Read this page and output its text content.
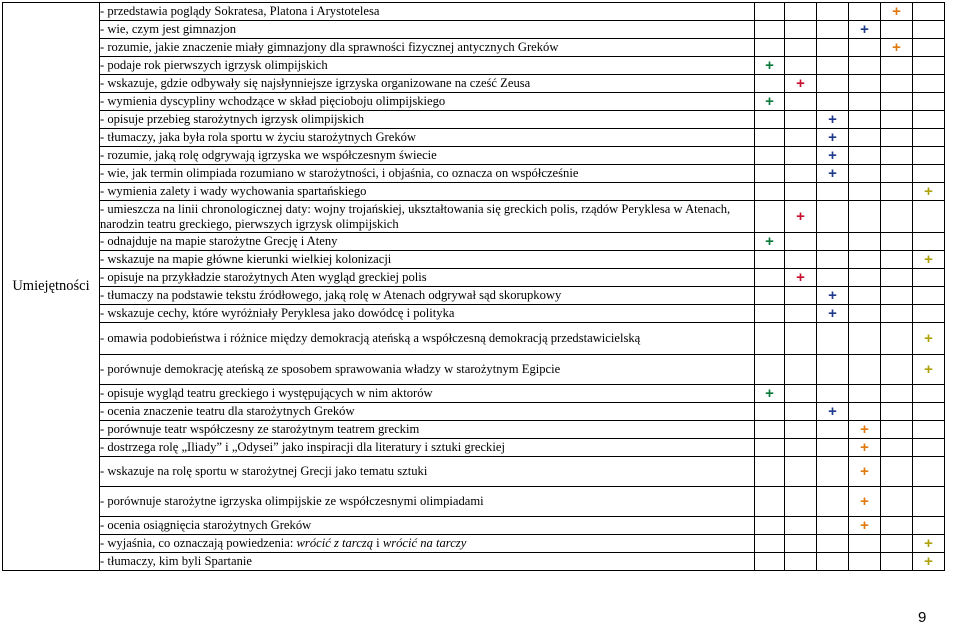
Umiejętności	- przedstawia poglądy Sokratesa, Platona i Arystotelesa					+	
	- wie, czym jest gimnazjon				+		
	- rozumie, jakie znaczenie miały gimnazjony dla sprawności fizycznej antycznych Greków					+	
	- podaje rok pierwszych igrzysk olimpijskich	+					
	- wskazuje, gdzie odbywały się najsłynniejsze igrzyska organizowane na cześć Zeusa		+				
	- wymienia dyscypliny wchodzące w skład pięcioboju olimpijskiego	+					
	- opisuje przebieg starożytnych igrzysk olimpijskich			+			
	- tłumaczy, jaka była rola sportu w życiu starożytnych Greków			+			
	- rozumie, jaką rolę odgrywają igrzyska we współczesnym świecie			+			
	- wie, jak termin olimpiada rozumiano w starożytności, i objaśnia, co oznacza on współcześnie			+			
	- wymienia zalety i wady wychowania spartańskiego						+
	- umieszcza na linii chronologicznej daty: wojny trojańskiej, ukształtowania się greckich polis, rządów Peryklesa w Atenach, narodzin teatru greckiego, pierwszych igrzysk olimpijskich		+				
	- odnajduje na mapie starożytne Grecję i Ateny	+					
	- wskazuje na mapie główne kierunki wielkiej kolonizacji						+
	- opisuje na przykładzie starożytnych Aten wygląd greckiej polis		+				
	- tłumaczy na podstawie tekstu źródłowego, jaką rolę w Atenach odgrywał sąd skorupkowy			+			
	- wskazuje cechy, które wyróżniały Peryklesa jako dowódcę i polityka			+			
	- omawia podobieństwa i różnice między demokracją ateńską a współczesną demokracją przedstawicielską						+
	- porównuje demokrację ateńską ze sposobem sprawowania władzy w starożytnym Egipcie						+
	- opisuje wygląd teatru greckiego i występujących w nim aktorów	+					
	- ocenia znaczenie teatru dla starożytnych Greków			+			
	- porównuje teatr współczesny ze starożytnym teatrem greckim				+		
	- dostrzega rolę „Iliady” i „Odysei” jako inspiracji dla literatury i sztuki greckiej				+		
	- wskazuje na rolę sportu w starożytnej Grecji jako tematu sztuki				+		
	- porównuje starożytne igrzyska olimpijskie ze współczesnymi olimpiadami				+		
	- ocenia osiągnięcia starożytnych Greków				+		
	- wyjaśnia, co oznaczają powiedzenia: wrócić z tarczą i wrócić na tarczy						+
	- tłumaczy, kim byli Spartanie						+
9
